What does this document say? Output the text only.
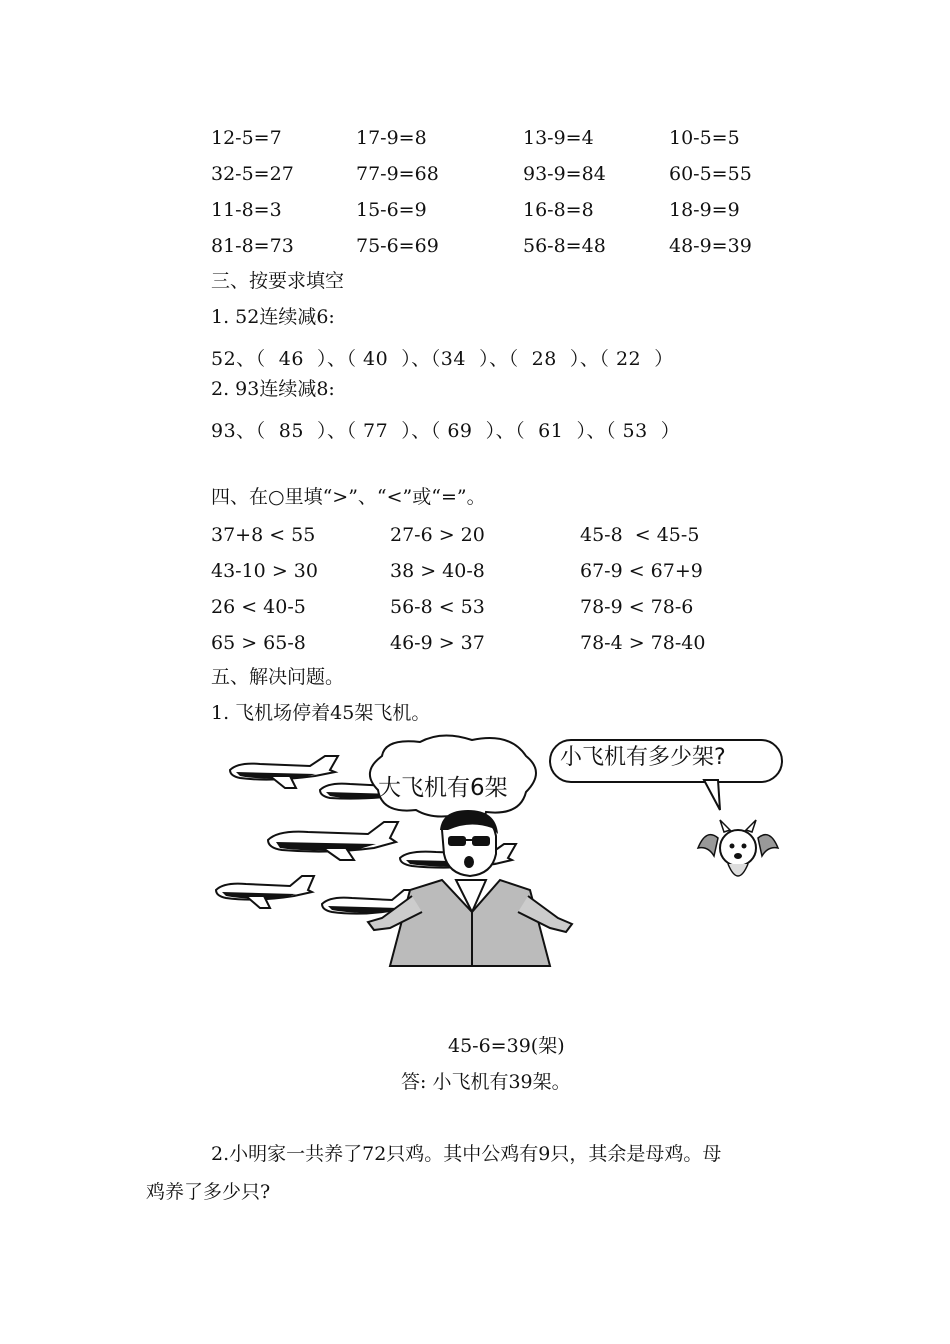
12-5=7	17-9=8	13-9=4	10-5=5
32-5=27	77-9=68	93-9=84	60-5=55
11-8=3	15-6=9	16-8=8	18-9=9
81-8=73	75-6=69	56-8=48	48-9=39
三、按要求填空
1. 52连续减6:
52、（  46  ）、（ 40  ）、（34  ）、（  28  ）、（ 22  ）
2. 93连续减8:
93、（  85  ）、（ 77  ）、（ 69  ）、（  61  ）、（ 53  ）
四、在○里填“>”、“<”或“=”。
37+8 < 55	27-6 > 20	45-8  < 45-5
43-10 > 30	38 > 40-8	67-9 < 67+9
26 < 40-5	56-8 < 53	78-9 < 78-6
65 > 65-8	46-9 > 37	78-4 > 78-40
五、解决问题。
1. 飞机场停着45架飞机。
大飞机有6架
小飞机有多少架?
45-6=39(架)
答: 小飞机有39架。
2.小明家一共养了72只鸡。其中公鸡有9只，其余是母鸡。母
鸡养了多少只?
